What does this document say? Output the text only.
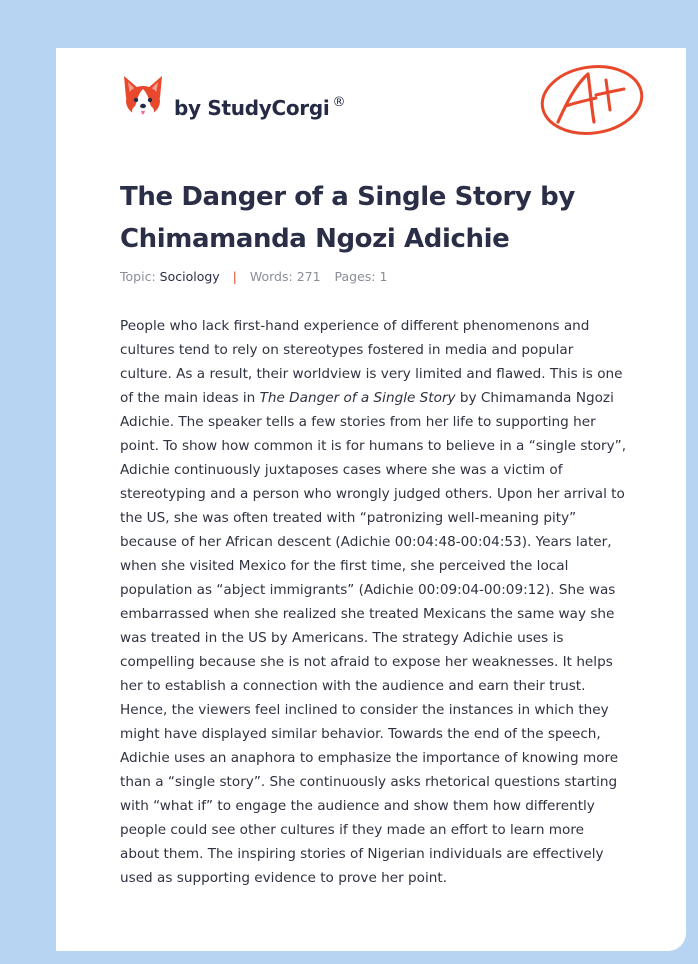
by StudyCorgi ®
The Danger of a Single Story by Chimamanda Ngozi Adichie
Topic: Sociology | Words: 271 Pages: 1

People who lack first-hand experience of different phenomenons and cultures tend to rely on stereotypes fostered in media and popular culture. As a result, their worldview is very limited and flawed. This is one of the main ideas in The Danger of a Single Story by Chimamanda Ngozi Adichie. The speaker tells a few stories from her life to supporting her point. To show how common it is for humans to believe in a “single story”, Adichie continuously juxtaposes cases where she was a victim of stereotyping and a person who wrongly judged others. Upon her arrival to the US, she was often treated with “patronizing well-meaning pity” because of her African descent (Adichie 00:04:48-00:04:53). Years later, when she visited Mexico for the first time, she perceived the local population as “abject immigrants” (Adichie 00:09:04-00:09:12). She was embarrassed when she realized she treated Mexicans the same way she was treated in the US by Americans. The strategy Adichie uses is compelling because she is not afraid to expose her weaknesses. It helps her to establish a connection with the audience and earn their trust. Hence, the viewers feel inclined to consider the instances in which they might have displayed similar behavior. Towards the end of the speech, Adichie uses an anaphora to emphasize the importance of knowing more than a “single story”. She continuously asks rhetorical questions starting with “what if” to engage the audience and show them how differently people could see other cultures if they made an effort to learn more about them. The inspiring stories of Nigerian individuals are effectively used as supporting evidence to prove her point.
